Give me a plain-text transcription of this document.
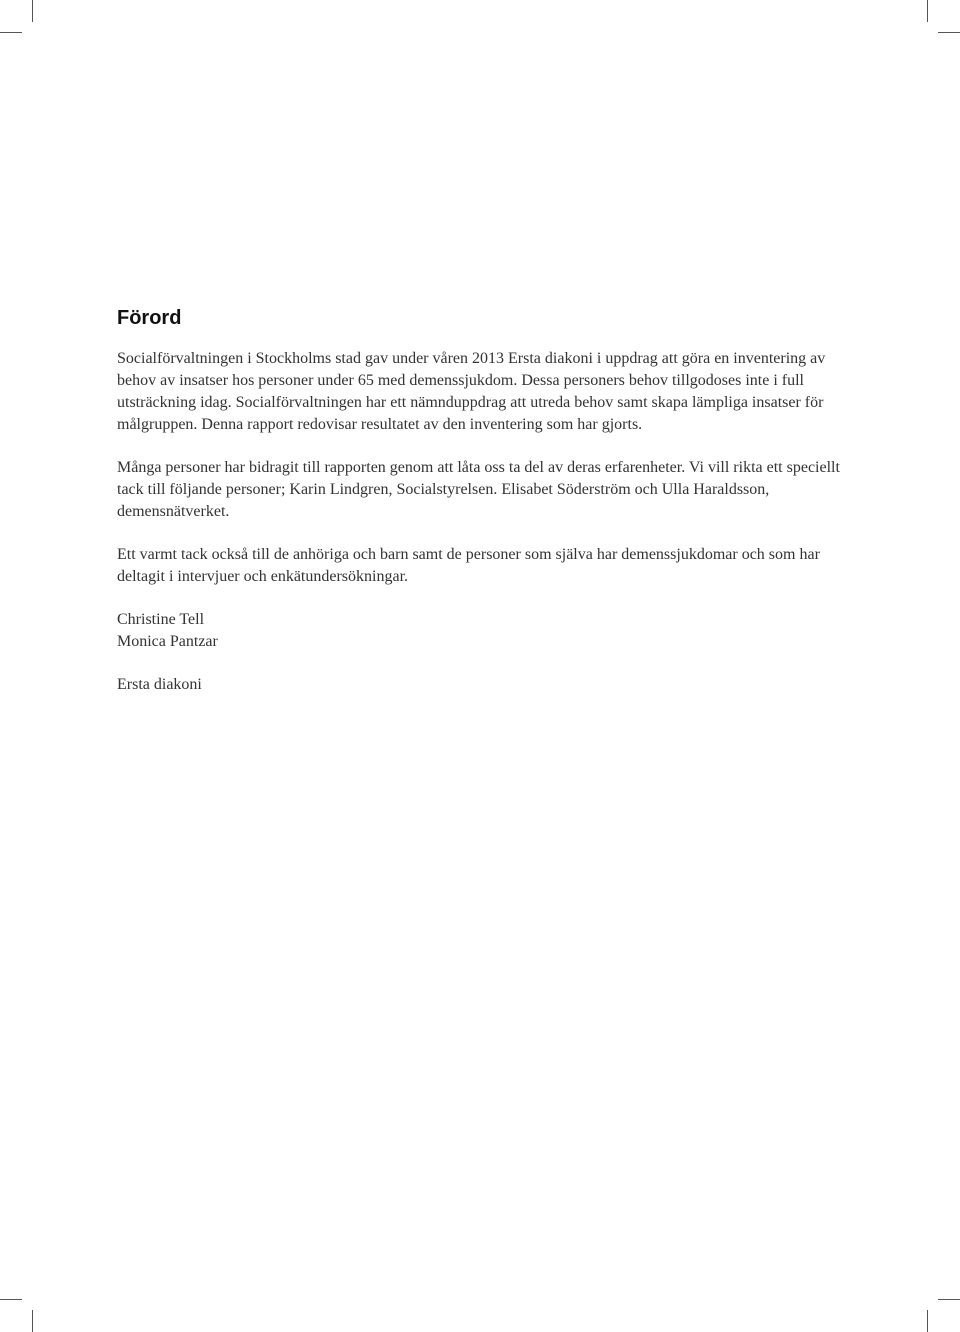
Förord

Socialförvaltningen i Stockholms stad gav under våren 2013 Ersta diakoni i uppdrag att göra en inventering av behov av insatser hos personer under 65 med demenssjukdom. Dessa personers behov tillgodoses inte i full utsträckning idag. Socialförvaltningen har ett nämnduppdrag att utreda behov samt skapa lämpliga insatser för målgruppen. Denna rapport redovisar resultatet av den inventering som har gjorts.

Många personer har bidragit till rapporten genom att låta oss ta del av deras erfarenheter. Vi vill rikta ett speciellt tack till följande personer; Karin Lindgren, Socialstyrelsen. Elisabet Söderström och Ulla Haraldsson, demensnätverket.

Ett varmt tack också till de anhöriga och barn samt de personer som själva har demenssjukdomar och som har deltagit i intervjuer och enkätundersökningar.

Christine Tell
Monica Pantzar
Ersta diakoni
